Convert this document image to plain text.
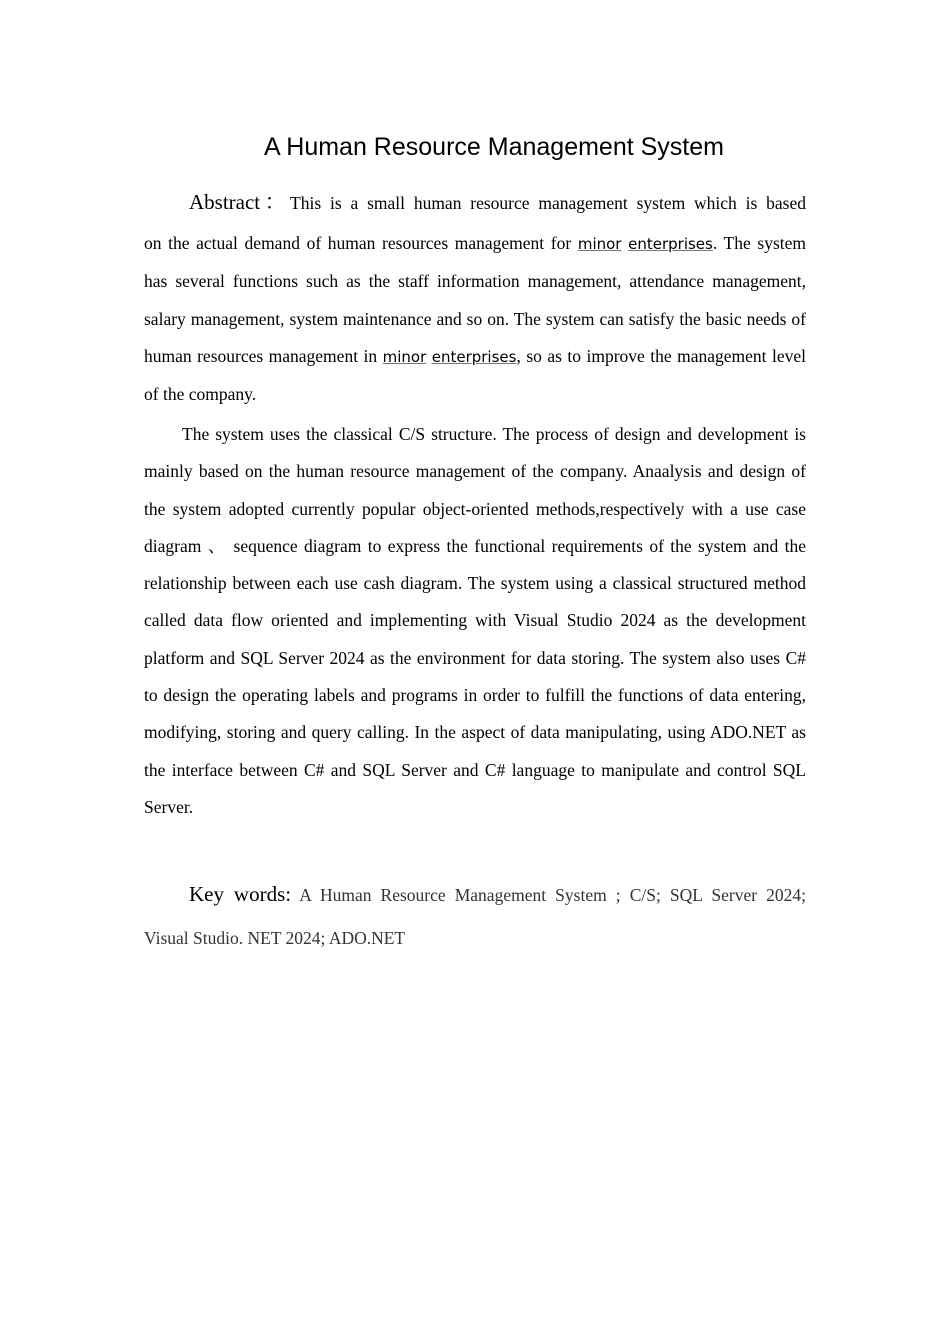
A Human Resource Management System
Abstract：This is a small human resource management system which is based
on the actual demand of human resources management for minor enterprises. The system has several functions such as the staff information management, attendance management, salary management, system maintenance and so on. The system can satisfy the basic needs of human resources management in minor enterprises, so as to improve the management level of the company.

The system uses the classical C/S structure. The process of design and development is mainly based on the human resource management of the company. Anaalysis and design of the system adopted currently popular object-oriented methods,respectively with a use case diagram 、 sequence diagram to express the functional requirements of the system and the relationship between each use cash diagram. The system using a classical structured method called data flow oriented and implementing with Visual Studio 2024 as the development platform and SQL Server 2024 as the environment for data storing. The system also uses C# to design the operating labels and programs in order to fulfill the functions of data entering, modifying, storing and query calling. In the aspect of data manipulating, using ADO.NET as the interface between C# and SQL Server and C# language to manipulate and control SQL Server.

Key words: A Human Resource Management System ; C/S; SQL Server 2024;
Visual Studio. NET 2024; ADO.NET
